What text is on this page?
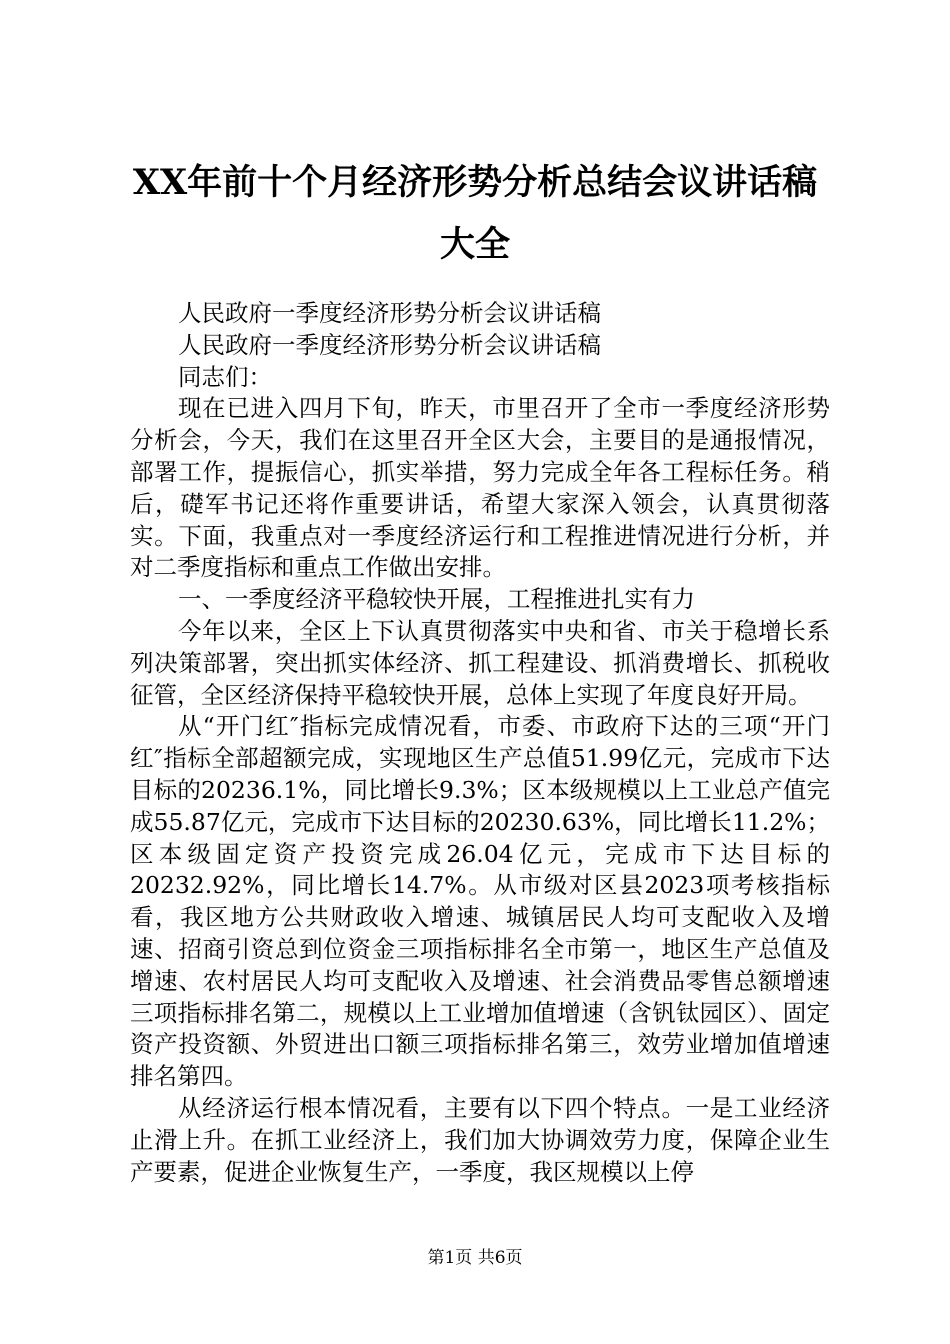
XX年前十个月经济形势分析总结会议讲话稿
大全

人民政府一季度经济形势分析会议讲话稿

人民政府一季度经济形势分析会议讲话稿

同志们：

现在已进入四月下旬，昨天，市里召开了全市一季度经济形势分析会，今天，我们在这里召开全区大会，主要目的是通报情况，部署工作，提振信心，抓实举措，努力完成全年各工程标任务。稍后，礎军书记还将作重要讲话，希望大家深入领会，认真贯彻落实。下面，我重点对一季度经济运行和工程推进情况进行分析，并对二季度指标和重点工作做出安排。

一、一季度经济平稳较快开展，工程推进扎实有力

今年以来，全区上下认真贯彻落实中央和省、市关于稳增长系列决策部署，突出抓实体经济、抓工程建设、抓消费增长、抓税收征管，全区经济保持平稳较快开展，总体上实现了年度良好开局。

从“开门红″指标完成情况看，市委、市政府下达的三项“开门红″指标全部超额完成，实现地区生产总值51.99亿元，完成市下达目标的20236.1%，同比增长9.3%；区本级规模以上工业总产值完成55.87亿元，完成市下达目标的20230.63%，同比增长11.2%；区本级固定资产投资完成26.04亿元，完成市下达目标的20232.92%，同比增长14.7%。从市级对区县2023项考核指标看，我区地方公共财政收入增速、城镇居民人均可支配收入及增速、招商引资总到位资金三项指标排名全市第一，地区生产总值及增速、农村居民人均可支配收入及增速、社会消费品零售总额增速三项指标排名第二，规模以上工业增加值增速（含钒钛园区）、固定资产投资额、外贸进出口额三项指标排名第三，效劳业增加值增速排名第四。

从经济运行根本情况看，主要有以下四个特点。一是工业经济止滑上升。在抓工业经济上，我们加大协调效劳力度，保障企业生产要素，促进企业恢复生产，一季度，我区规模以上停

第1页 共6页
